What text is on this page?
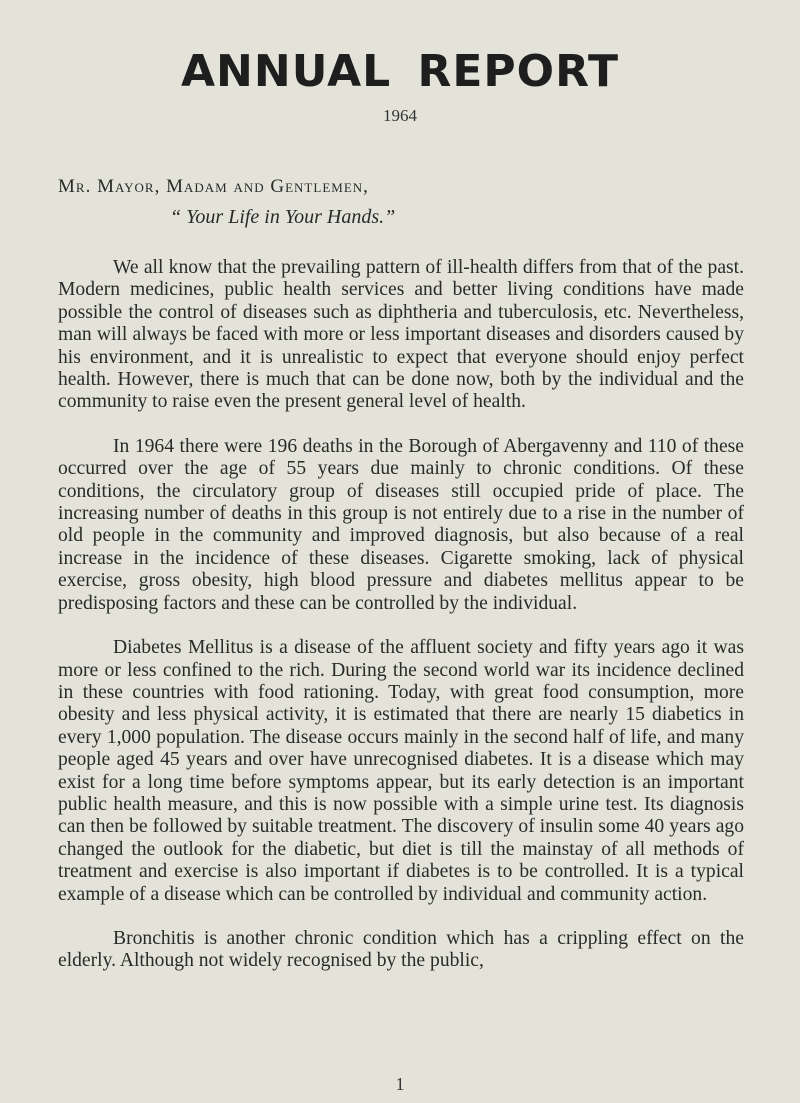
ANNUAL REPORT
1964
Mr. Mayor, Madam and Gentlemen,
“ Your Life in Your Hands.”

We all know that the prevailing pattern of ill-health differs from that of the past. Modern medicines, public health services and better living conditions have made possible the control of diseases such as diphtheria and tuberculosis, etc. Nevertheless, man will always be faced with more or less important diseases and disorders caused by his environment, and it is unrealistic to expect that everyone should enjoy perfect health. However, there is much that can be done now, both by the individual and the community to raise even the present general level of health.

In 1964 there were 196 deaths in the Borough of Abergavenny and 110 of these occurred over the age of 55 years due mainly to chronic conditions. Of these conditions, the circulatory group of diseases still occupied pride of place. The increasing number of deaths in this group is not entirely due to a rise in the number of old people in the community and improved diagnosis, but also because of a real increase in the incidence of these diseases. Cigarette smoking, lack of physical exercise, gross obesity, high blood pressure and diabetes mellitus appear to be predisposing factors and these can be controlled by the individual.

Diabetes Mellitus is a disease of the affluent society and fifty years ago it was more or less confined to the rich. During the second world war its incidence declined in these countries with food rationing. Today, with great food consumption, more obesity and less physical activity, it is estimated that there are nearly 15 diabetics in every 1,000 population. The disease occurs mainly in the second half of life, and many people aged 45 years and over have unrecognised diabetes. It is a disease which may exist for a long time before symptoms appear, but its early detection is an important public health measure, and this is now possible with a simple urine test. Its diagnosis can then be followed by suitable treatment. The discovery of insulin some 40 years ago changed the outlook for the diabetic, but diet is till the mainstay of all methods of treatment and exercise is also important if diabetes is to be controlled. It is a typical example of a disease which can be controlled by individual and community action.

Bronchitis is another chronic condition which has a crippling effect on the elderly. Although not widely recognised by the public,

1
